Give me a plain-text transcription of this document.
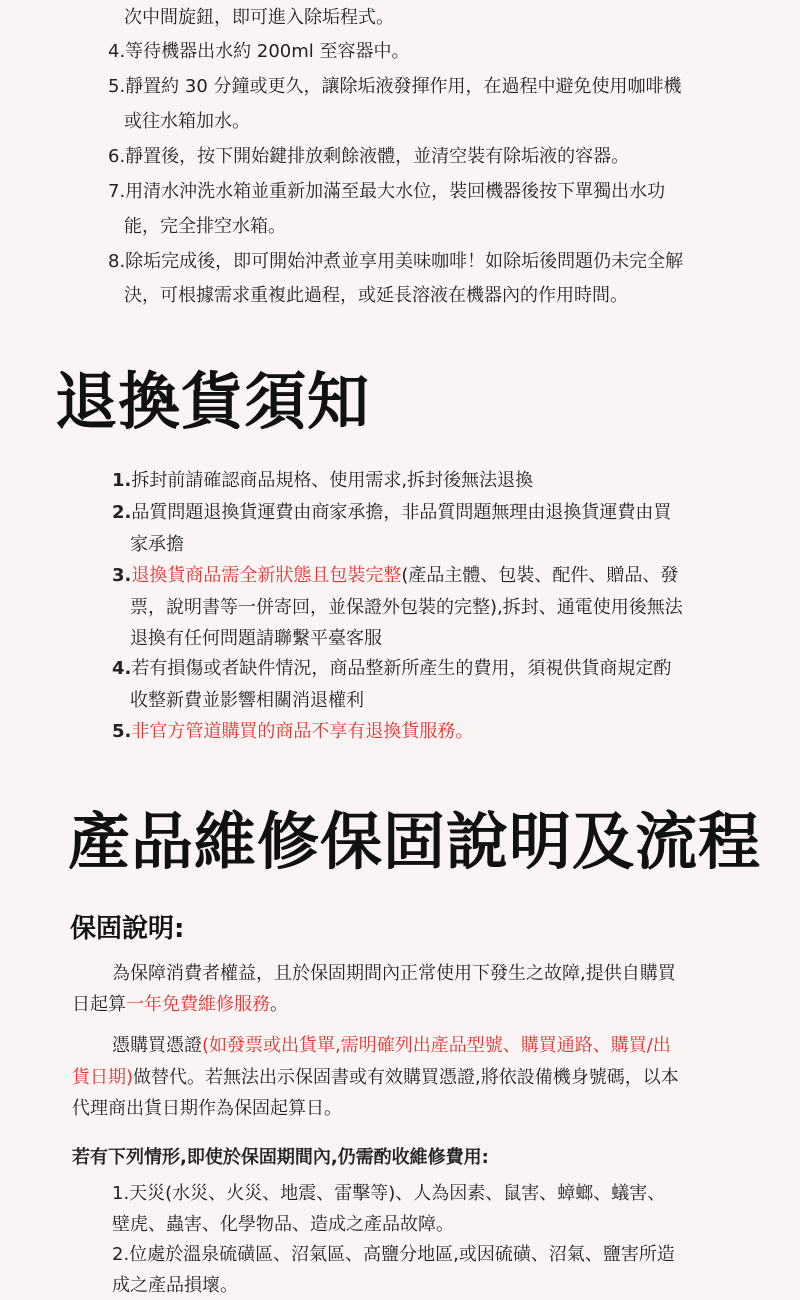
次中間旋鈕，即可進入除垢程式。
4.等待機器出水約 200ml 至容器中。
5.靜置約 30 分鐘或更久，讓除垢液發揮作用，在過程中避免使用咖啡機
或往水箱加水。
6.靜置後，按下開始鍵排放剩餘液體，並清空裝有除垢液的容器。
7.用清水沖洗水箱並重新加滿至最大水位，裝回機器後按下單獨出水功
能，完全排空水箱。
8.除垢完成後，即可開始沖煮並享用美味咖啡！如除垢後問題仍未完全解
決，可根據需求重複此過程，或延長溶液在機器內的作用時間。
退換貨須知
1.拆封前請確認商品規格、使用需求,拆封後無法退換
2.品質問題退換貨運費由商家承擔，非品質問題無理由退換貨運費由買
家承擔
3.退換貨商品需全新狀態且包裝完整(產品主體、包裝、配件、贈品、發
票，說明書等一併寄回，並保證外包裝的完整),拆封、通電使用後無法
退換有任何問題請聯繫平臺客服
4.若有損傷或者缺件情況，商品整新所產生的費用，須視供貨商規定酌
收整新費並影響相關消退權利
5.非官方管道購買的商品不享有退換貨服務。
產品維修保固說明及流程
保固說明:
為保障消費者權益，且於保固期間內正常使用下發生之故障,提供自購買
日起算一年免費維修服務。
憑購買憑證(如發票或出貨單,需明確列出產品型號、購買通路、購買/出
貨日期)做替代。若無法出示保固書或有效購買憑證,將依設備機身號碼，以本
代理商出貨日期作為保固起算日。
若有下列情形,即使於保固期間內,仍需酌收維修費用:
1.天災(水災、火災、地震、雷擊等)、人為因素、鼠害、蟑螂、蟻害、
壁虎、蟲害、化學物品、造成之產品故障。
2.位處於溫泉硫磺區、沼氣區、高鹽分地區,或因硫磺、沼氣、鹽害所造
成之產品損壞。
